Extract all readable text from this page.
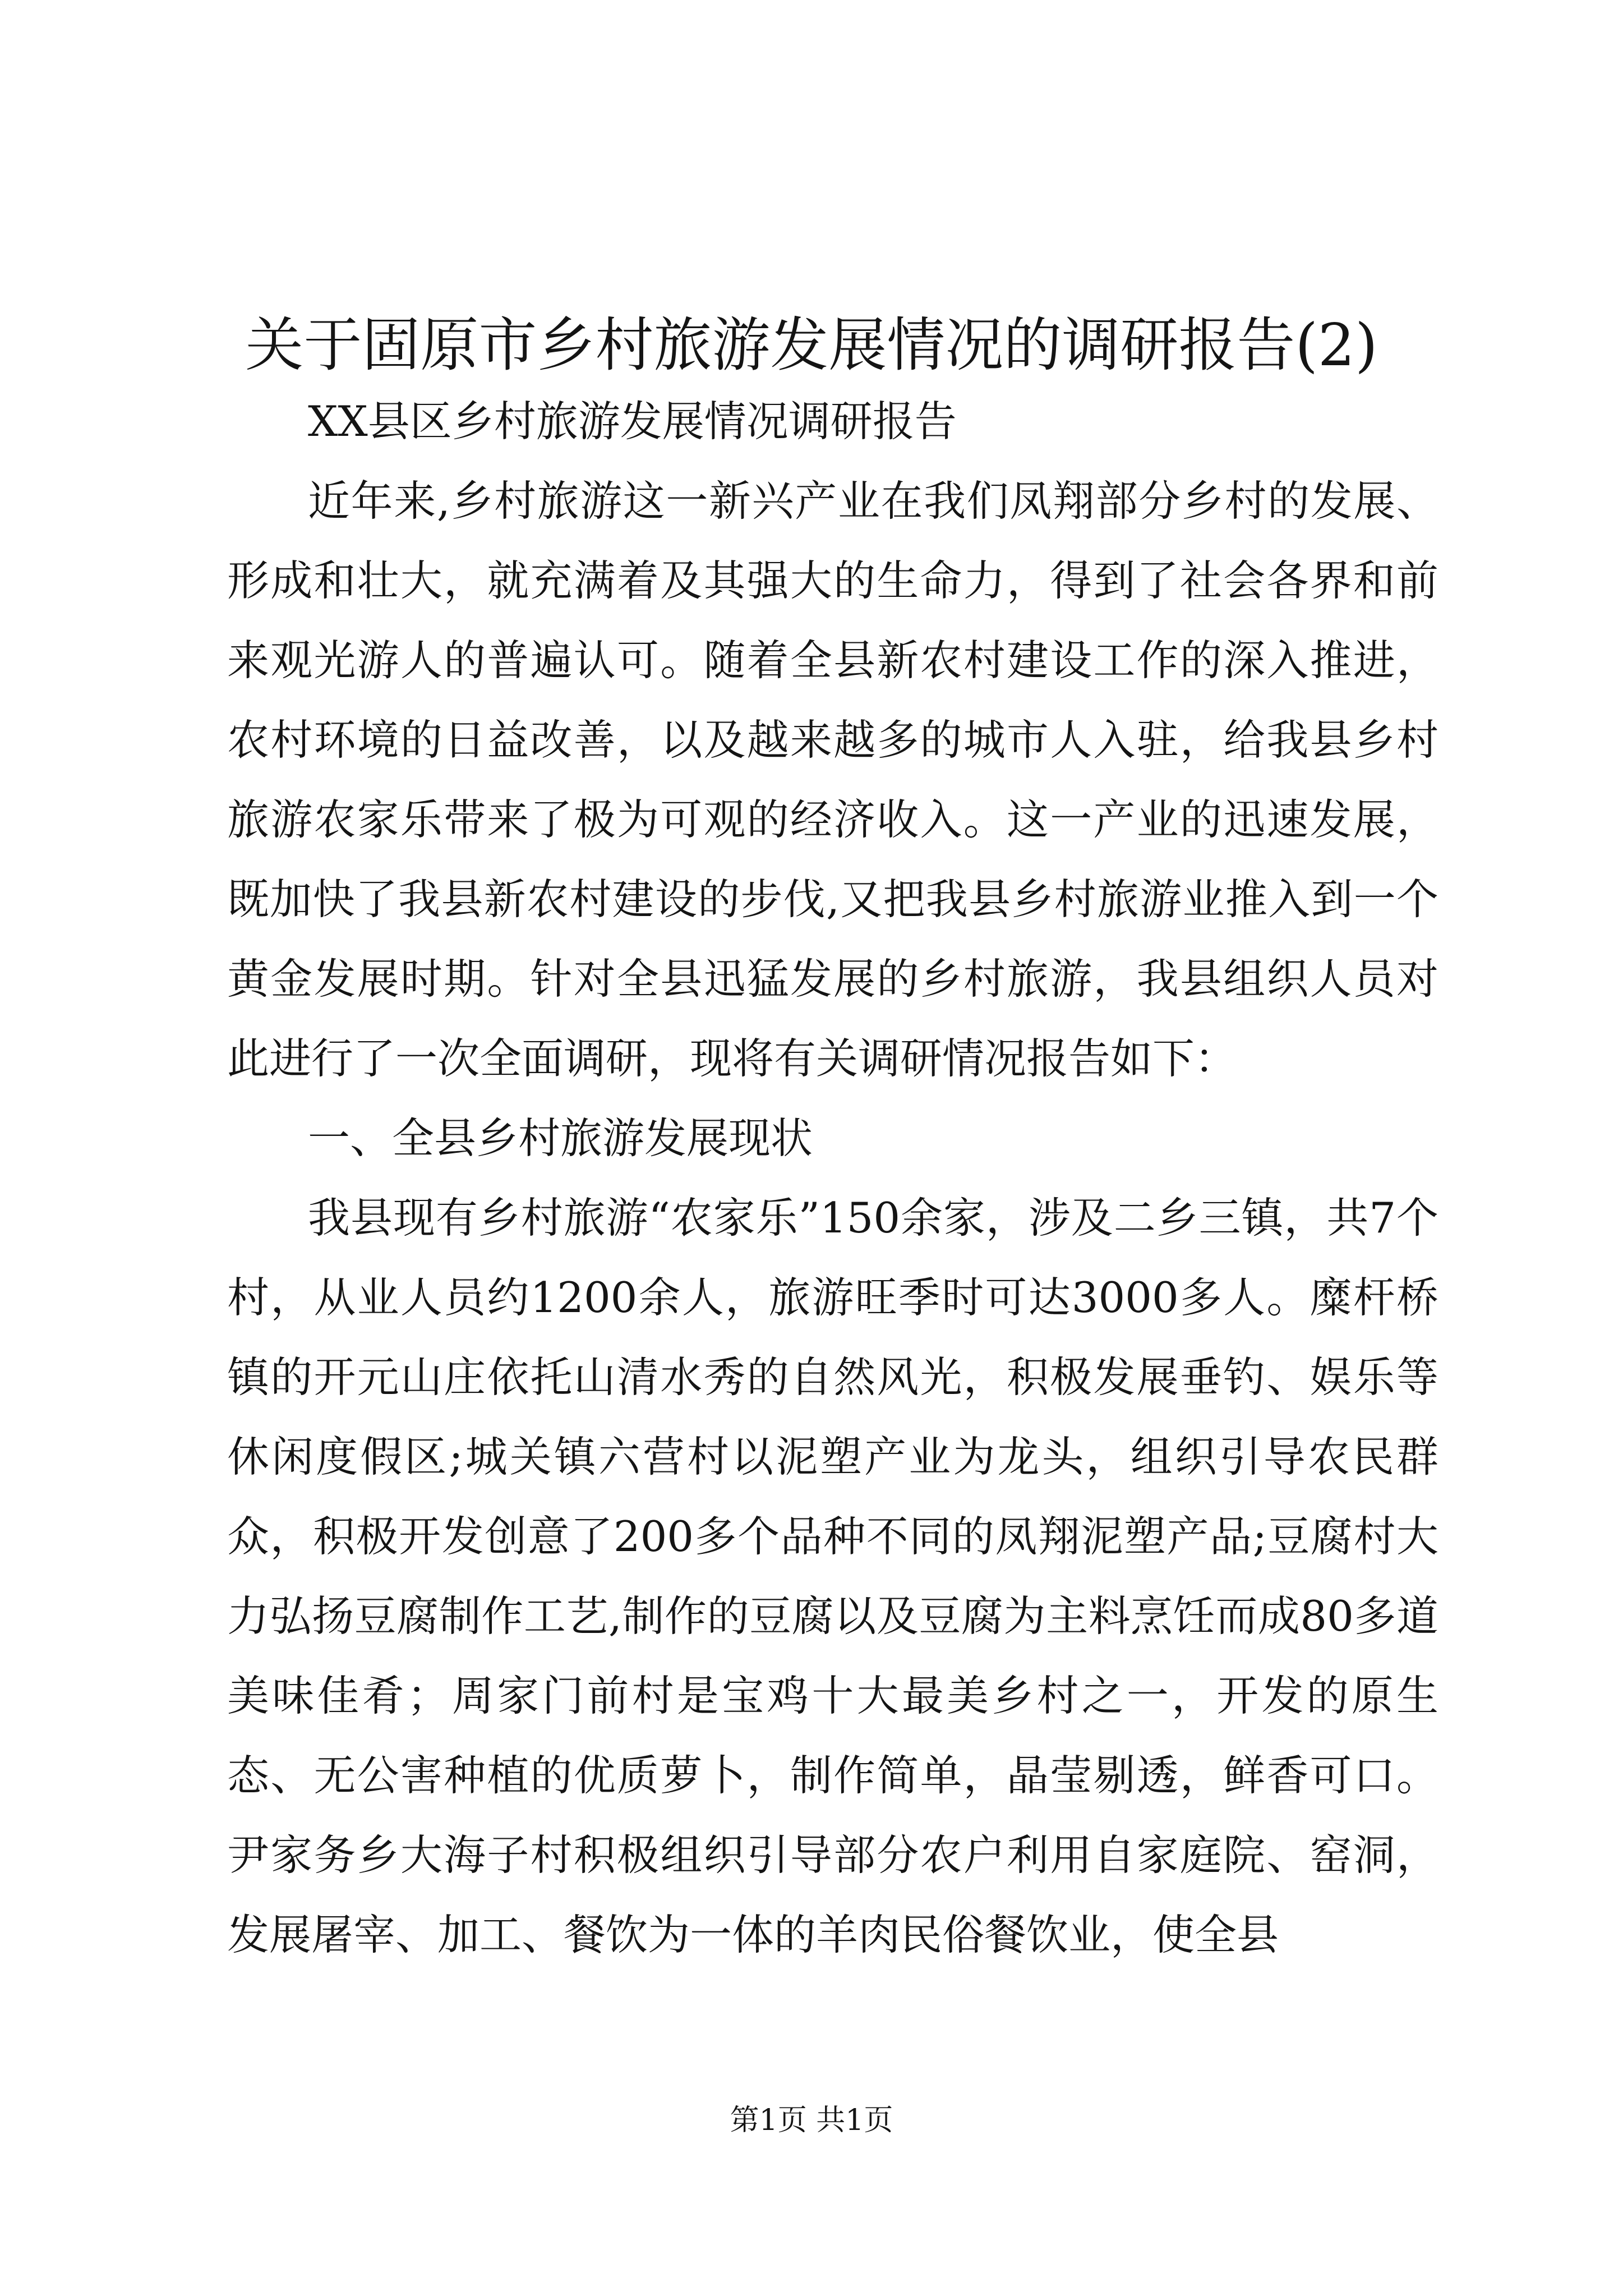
关于固原市乡村旅游发展情况的调研报告(2)

XX县区乡村旅游发展情况调研报告

近年来,乡村旅游这一新兴产业在我们凤翔部分乡村的发展、形成和壮大，就充满着及其强大的生命力，得到了社会各界和前来观光游人的普遍认可。随着全县新农村建设工作的深入推进，农村环境的日益改善，以及越来越多的城市人入驻，给我县乡村旅游农家乐带来了极为可观的经济收入。这一产业的迅速发展，既加快了我县新农村建设的步伐,又把我县乡村旅游业推入到一个黄金发展时期。针对全县迅猛发展的乡村旅游，我县组织人员对此进行了一次全面调研，现将有关调研情况报告如下：

一、全县乡村旅游发展现状

我县现有乡村旅游“农家乐”150余家，涉及二乡三镇，共7个村，从业人员约1200余人，旅游旺季时可达3000多人。糜杆桥镇的开元山庄依托山清水秀的自然风光，积极发展垂钓、娱乐等休闲度假区;城关镇六营村以泥塑产业为龙头，组织引导农民群众，积极开发创意了200多个品种不同的凤翔泥塑产品;豆腐村大力弘扬豆腐制作工艺,制作的豆腐以及豆腐为主料烹饪而成80多道美味佳肴；周家门前村是宝鸡十大最美乡村之一，开发的原生态、无公害种植的优质萝卜，制作简单，晶莹剔透，鲜香可口。尹家务乡大海子村积极组织引导部分农户利用自家庭院、窑洞，发展屠宰、加工、餐饮为一体的羊肉民俗餐饮业，使全县

第1页 共1页
